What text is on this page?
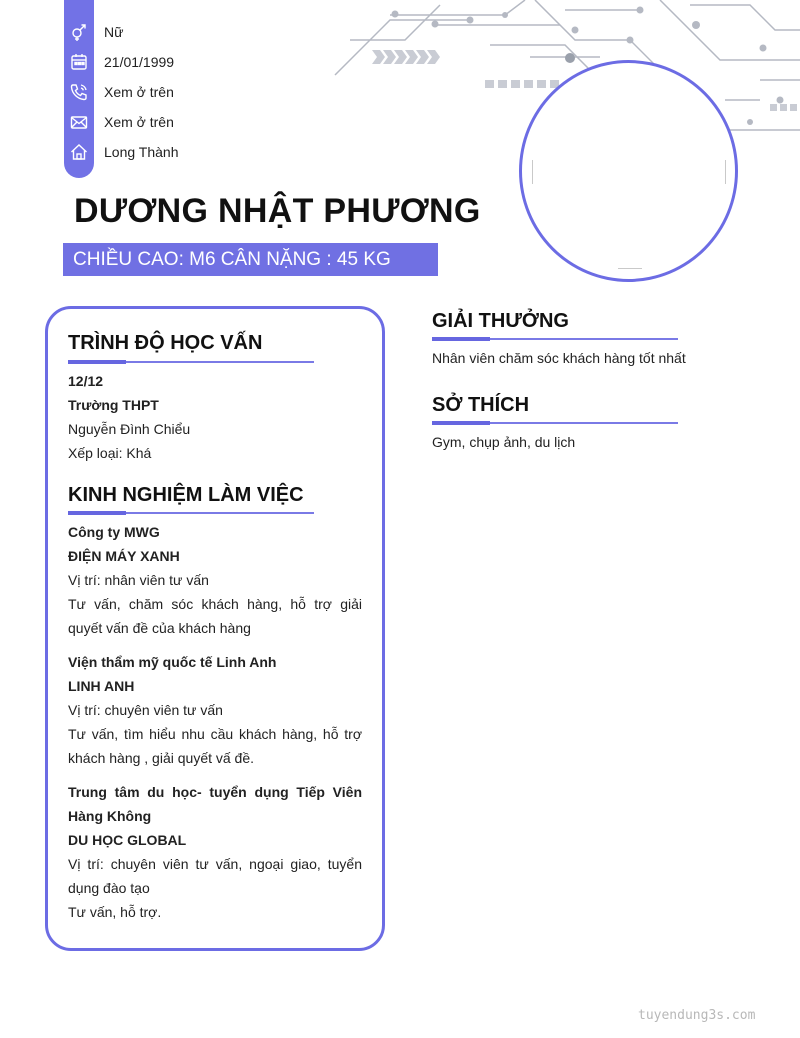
Nữ
21/01/1999
Xem ở trên
Xem ở trên
Long Thành
DƯƠNG NHẬT PHƯƠNG
CHIỀU CAO: M6 CÂN NẶNG : 45 KG
TRÌNH ĐỘ HỌC VẤN
12/12
Trường THPT
Nguyễn Đình Chiểu
Xếp loại: Khá
KINH NGHIỆM LÀM VIỆC
Công ty MWG
ĐIỆN MÁY XANH
Vị trí: nhân viên tư vấn
Tư vấn, chăm sóc khách hàng, hỗ trợ giải quyết vấn đề của khách hàng
Viện thẩm mỹ quốc tế Linh Anh
LINH ANH
Vị trí: chuyên viên tư vấn
Tư vấn, tìm hiểu nhu cầu khách hàng, hỗ trợ khách hàng , giải quyết vấ đề.
Trung tâm du học- tuyển dụng Tiếp Viên Hàng Không
DU HỌC GLOBAL
Vị trí: chuyên viên tư vấn, ngoại giao, tuyển dụng đào tạo
Tư vấn, hỗ trợ.
GIẢI THƯỞNG
Nhân viên chăm sóc khách hàng tốt nhất
SỞ THÍCH
Gym, chụp ảnh, du lịch
tuyendung3s.com
